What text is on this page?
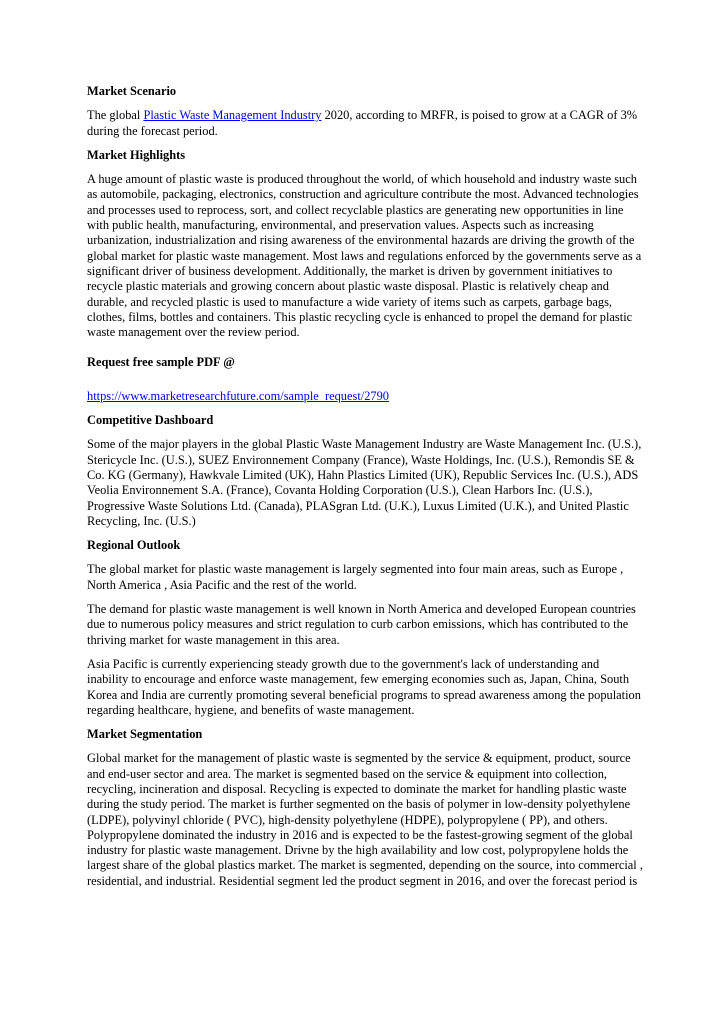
Market Scenario

The global Plastic Waste Management Industry 2020, according to MRFR, is poised to grow at a CAGR of 3% during the forecast period.

Market Highlights

A huge amount of plastic waste is produced throughout the world, of which household and industry waste such as automobile, packaging, electronics, construction and agriculture contribute the most. Advanced technologies and processes used to reprocess, sort, and collect recyclable plastics are generating new opportunities in line with public health, manufacturing, environmental, and preservation values. Aspects such as increasing urbanization, industrialization and rising awareness of the environmental hazards are driving the growth of the global market for plastic waste management. Most laws and regulations enforced by the governments serve as a significant driver of business development. Additionally, the market is driven by government initiatives to recycle plastic materials and growing concern about plastic waste disposal. Plastic is relatively cheap and durable, and recycled plastic is used to manufacture a wide variety of items such as carpets, garbage bags, clothes, films, bottles and containers. This plastic recycling cycle is enhanced to propel the demand for plastic waste management over the review period.

Request free sample PDF @

https://www.marketresearchfuture.com/sample_request/2790

Competitive Dashboard

Some of the major players in the global Plastic Waste Management Industry are Waste Management Inc. (U.S.), Stericycle Inc. (U.S.), SUEZ Environnement Company (France), Waste Holdings, Inc. (U.S.), Remondis SE & Co. KG (Germany), Hawkvale Limited (UK), Hahn Plastics Limited (UK), Republic Services Inc. (U.S.), ADS Veolia Environnement S.A. (France), Covanta Holding Corporation (U.S.), Clean Harbors Inc. (U.S.), Progressive Waste Solutions Ltd. (Canada), PLASgran Ltd. (U.K.), Luxus Limited (U.K.), and United Plastic Recycling, Inc. (U.S.)

Regional Outlook

The global market for plastic waste management is largely segmented into four main areas, such as Europe , North America , Asia Pacific and the rest of the world.

The demand for plastic waste management is well known in North America and developed European countries due to numerous policy measures and strict regulation to curb carbon emissions, which has contributed to the thriving market for waste management in this area.

Asia Pacific is currently experiencing steady growth due to the government's lack of understanding and inability to encourage and enforce waste management, few emerging economies such as, Japan, China, South Korea and India are currently promoting several beneficial programs to spread awareness among the population regarding healthcare, hygiene, and benefits of waste management.

Market Segmentation

Global market for the management of plastic waste is segmented by the service & equipment, product, source and end-user sector and area. The market is segmented based on the service & equipment into collection, recycling, incineration and disposal. Recycling is expected to dominate the market for handling plastic waste during the study period. The market is further segmented on the basis of polymer in low-density polyethylene (LDPE), polyvinyl chloride ( PVC), high-density polyethylene (HDPE), polypropylene ( PP), and others. Polypropylene dominated the industry in 2016 and is expected to be the fastest-growing segment of the global industry for plastic waste management. Drivne by the high availability and low cost, polypropylene holds the largest share of the global plastics market. The market is segmented, depending on the source, into commercial , residential, and industrial. Residential segment led the product segment in 2016, and over the forecast period is
